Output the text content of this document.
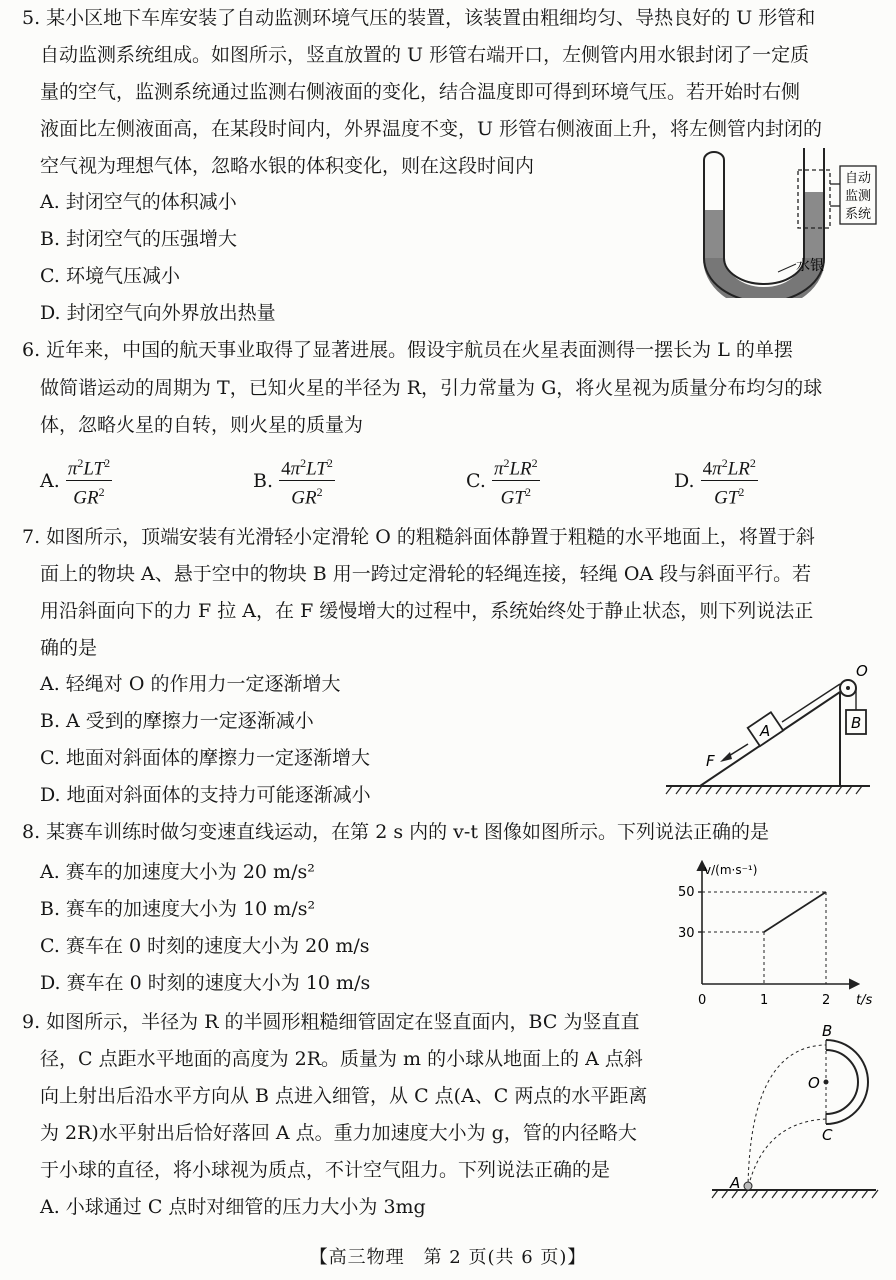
5. 某小区地下车库安装了自动监测环境气压的装置，该装置由粗细均匀、导热良好的 U 形管和
自动监测系统组成。如图所示，竖直放置的 U 形管右端开口，左侧管内用水银封闭了一定质
量的空气，监测系统通过监测右侧液面的变化，结合温度即可得到环境气压。若开始时右侧
液面比左侧液面高，在某段时间内，外界温度不变，U 形管右侧液面上升，将左侧管内封闭的
空气视为理想气体，忽略水银的体积变化，则在这段时间内
A. 封闭空气的体积减小
B. 封闭空气的压强增大
C. 环境气压减小
D. 封闭空气向外界放出热量
自动
监测
系统
水银
6. 近年来，中国的航天事业取得了显著进展。假设宇航员在火星表面测得一摆长为 L 的单摆
做简谐运动的周期为 T，已知火星的半径为 R，引力常量为 G，将火星视为质量分布均匀的球
体，忽略火星的自转，则火星的质量为
A. $\frac{\pi^2LT^2}{GR^2}$	B. $\frac{4\pi^2LT^2}{GR^2}$	C. $\frac{\pi^2LR^2}{GT^2}$	D. $\frac{4\pi^2LR^2}{GT^2}$
7. 如图所示，顶端安装有光滑轻小定滑轮 O 的粗糙斜面体静置于粗糙的水平地面上，将置于斜
面上的物块 A、悬于空中的物块 B 用一跨过定滑轮的轻绳连接，轻绳 OA 段与斜面平行。若
用沿斜面向下的力 F 拉 A，在 F 缓慢增大的过程中，系统始终处于静止状态，则下列说法正
确的是
A. 轻绳对 O 的作用力一定逐渐增大
B. A 受到的摩擦力一定逐渐减小
C. 地面对斜面体的摩擦力一定逐渐增大
D. 地面对斜面体的支持力可能逐渐减小
A	B
O
F
8. 某赛车训练时做匀变速直线运动，在第 2 s 内的 v-t 图像如图所示。下列说法正确的是
A. 赛车的加速度大小为 20 m/s²
B. 赛车的加速度大小为 10 m/s²
C. 赛车在 0 时刻的速度大小为 20 m/s
D. 赛车在 0 时刻的速度大小为 10 m/s
v/(m·s⁻¹)
t/s
0	1	2
30
50
9. 如图所示，半径为 R 的半圆形粗糙细管固定在竖直面内，BC 为竖直直
径，C 点距水平地面的高度为 2R。质量为 m 的小球从地面上的 A 点斜
向上射出后沿水平方向从 B 点进入细管，从 C 点(A、C 两点的水平距离
为 2R)水平射出后恰好落回 A 点。重力加速度大小为 g，管的内径略大
于小球的直径，将小球视为质点，不计空气阻力。下列说法正确的是
A. 小球通过 C 点时对细管的压力大小为 3mg
B
O
C
A
【高三物理　第 2 页(共 6 页)】
